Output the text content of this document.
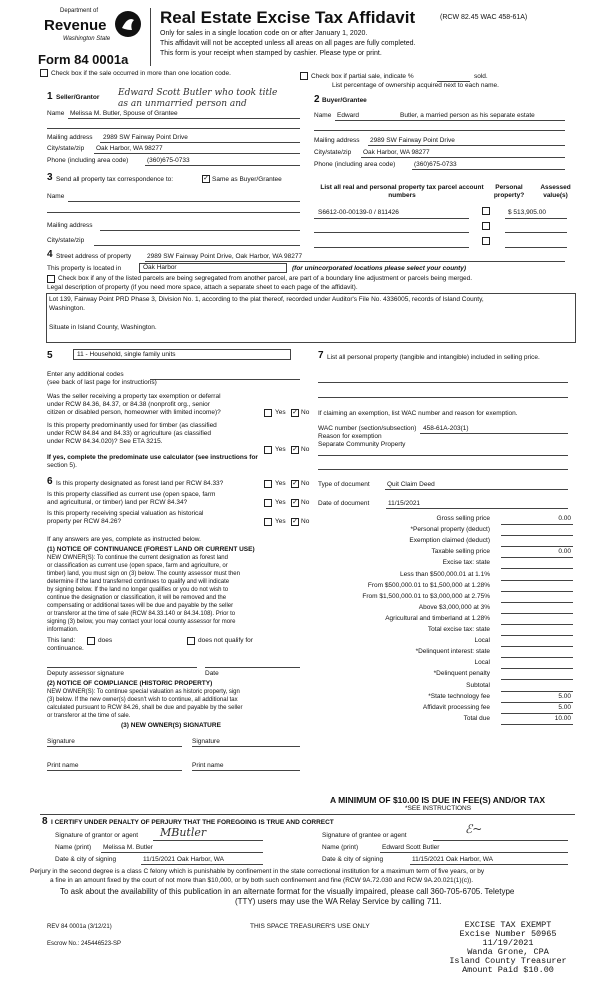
Department of
Revenue
Washington State
Form 84 0001a
Real Estate Excise Tax Affidavit	(RCW 82.45 WAC 458-61A)
Only for sales in a single location code on or after January 1, 2020.
This affidavit will not be accepted unless all areas on all pages are fully completed.
This form is your receipt when stamped by cashier. Please type or print.
Check box if the sale occurred in more than one location code.	Check box if partial sale, indicate %	sold.
List percentage of ownership acquired next to each name.
1 Seller/Grantor Edward Scott Butler who took title
as an unmarried person and
Name Melissa M. Butler, Spouse of Grantee
Mailing address 2989 SW Fairway Point Drive
City/state/zip Oak Harbor, WA 98277
Phone (including area code)	(360)675-0733
2 Buyer/Grantee
Name Edward	Butler, a married person as his separate estate
Mailing address 2989 SW Fairway Point Drive
City/state/zip Oak Harbor, WA 98277
Phone (including area code)	(360)675-0733
3 Send all property tax correspondence to:	✓ Same as Buyer/Grantee
Name
Mailing address
City/state/zip
List all real and personal property tax parcel account numbers
Personal property?
Assessed value(s)
S6612-00-00139-0 / 811426	$ 513,905.00
4 Street address of property 2989 SW Fairway Point Drive, Oak Harbor, WA 98277
This property is located in	Oak Harbor	(for unincorporated locations please select your county)
Check box if any of the listed parcels are being segregated from another parcel, are part of a boundary line adjustment or parcels being merged.
Legal description of property (if you need more space, attach a separate sheet to each page of the affidavit).
Lot 139, Fairway Point PRD Phase 3, Division No. 1, according to the plat thereof, recorded under Auditor's File No. 4336005, records of Island County,
Washington.
Situate in Island County, Washington.
5	11 - Household, single family units
Enter any additional codes
(see back of last page for instructions)
Was the seller receiving a property tax exemption or deferral
under RCW 84.36, 84.37, or 84.38 (nonprofit org., senior
citizen or disabled person, homeowner with limited income)?	Yes ✓ No
Is this property predominantly used for timber (as classified
under RCW 84.84 and 84.33) or agriculture (as classified
under RCW 84.34.020)? See ETA 3215.
Yes ✓ No
If yes, complete the predominate use calculator (see instructions for
section 5).
6 Is this property designated as forest land per RCW 84.33?	Yes ✓ No
Is this property classified as current use (open space, farm
and agricultural, or timber) land per RCW 84.34?	Yes ✓ No
Is this property receiving special valuation as historical
property per RCW 84.26?	Yes ✓ No
If any answers are yes, complete as instructed below.
(1) NOTICE OF CONTINUANCE (FOREST LAND OR CURRENT USE)
NEW OWNER(S): To continue the current designation as forest land
or classification as current use (open space, farm and agriculture, or
timber) land, you must sign on (3) below. The county assessor must then
determine if the land transferred continues to qualify and will indicate
by signing below. If the land no longer qualifies or you do not wish to
continue the designation or classification, it will be removed and the
compensating or additional taxes will be due and payable by the seller
or transferor at the time of sale (RCW 84.33.140 or 84.34.108). Prior to
signing (3) below, you may contact your local county assessor for more
information.
This land:	does	does not qualify for
continuance.
Deputy assessor signature	Date
(2) NOTICE OF COMPLIANCE (HISTORIC PROPERTY)
NEW OWNER(S): To continue special valuation as historic property, sign
(3) below. If the new owner(s) doesn't wish to continue, all additional tax
calculated pursuant to RCW 84.26, shall be due and payable by the seller
or transferor at the time of sale.
(3) NEW OWNER(S) SIGNATURE
Signature	Signature
Print name	Print name
7 List all personal property (tangible and intangible) included in selling price.
If claiming an exemption, list WAC number and reason for exemption.
WAC number (section/subsection) 458-61A-203(1)
Reason for exemption
Separate Community Property
Type of document	Quit Claim Deed
Date of document	11/15/2021
Gross selling price	0.00
*Personal property (deduct)
Exemption claimed (deduct)
Taxable selling price	0.00
Excise tax: state
Less than $500,000.01 at 1.1%
From $500,000.01 to $1,500,000 at 1.28%
From $1,500,000.01 to $3,000,000 at 2.75%
Above $3,000,000 at 3%
Agricultural and timberland at 1.28%
Total excise tax: state
Local
*Delinquent interest: state
Local
*Delinquent penalty
Subtotal
*State technology fee	5.00
Affidavit processing fee	5.00
Total due	10.00
A MINIMUM OF $10.00 IS DUE IN FEE(S) AND/OR TAX
*SEE INSTRUCTIONS
8 I CERTIFY UNDER PENALTY OF PERJURY THAT THE FOREGOING IS TRUE AND CORRECT
Signature of grantor or agent MButler
Name (print) Melissa M. Butler
Date & city of signing	11/15/2021 Oak Harbor, WA
Signature of grantee or agent	ℰ~
Name (print)	Edward Scott Butler
Date & city of signing	11/15/2021 Oak Harbor, WA
Perjury in the second degree is a class C felony which is punishable by confinement in the state correctional institution for a maximum term of five years, or by
a fine in an amount fixed by the court of not more than $10,000, or by both such confinement and fine (RCW 9A.72.030 and RCW 9A.20.021(1)(c)).
To ask about the availability of this publication in an alternate format for the visually impaired, please call 360-705-6705. Teletype
(TTY) users may use the WA Relay Service by calling 711.
REV 84 0001a (3/12/21)	THIS SPACE TREASURER'S USE ONLY
Escrow No.: 245446523-SP
EXCISE TAX EXEMPT
Excise Number 50965
11/19/2021
Wanda Grone, CPA
Island County Treasurer
Amount Paid $10.00
